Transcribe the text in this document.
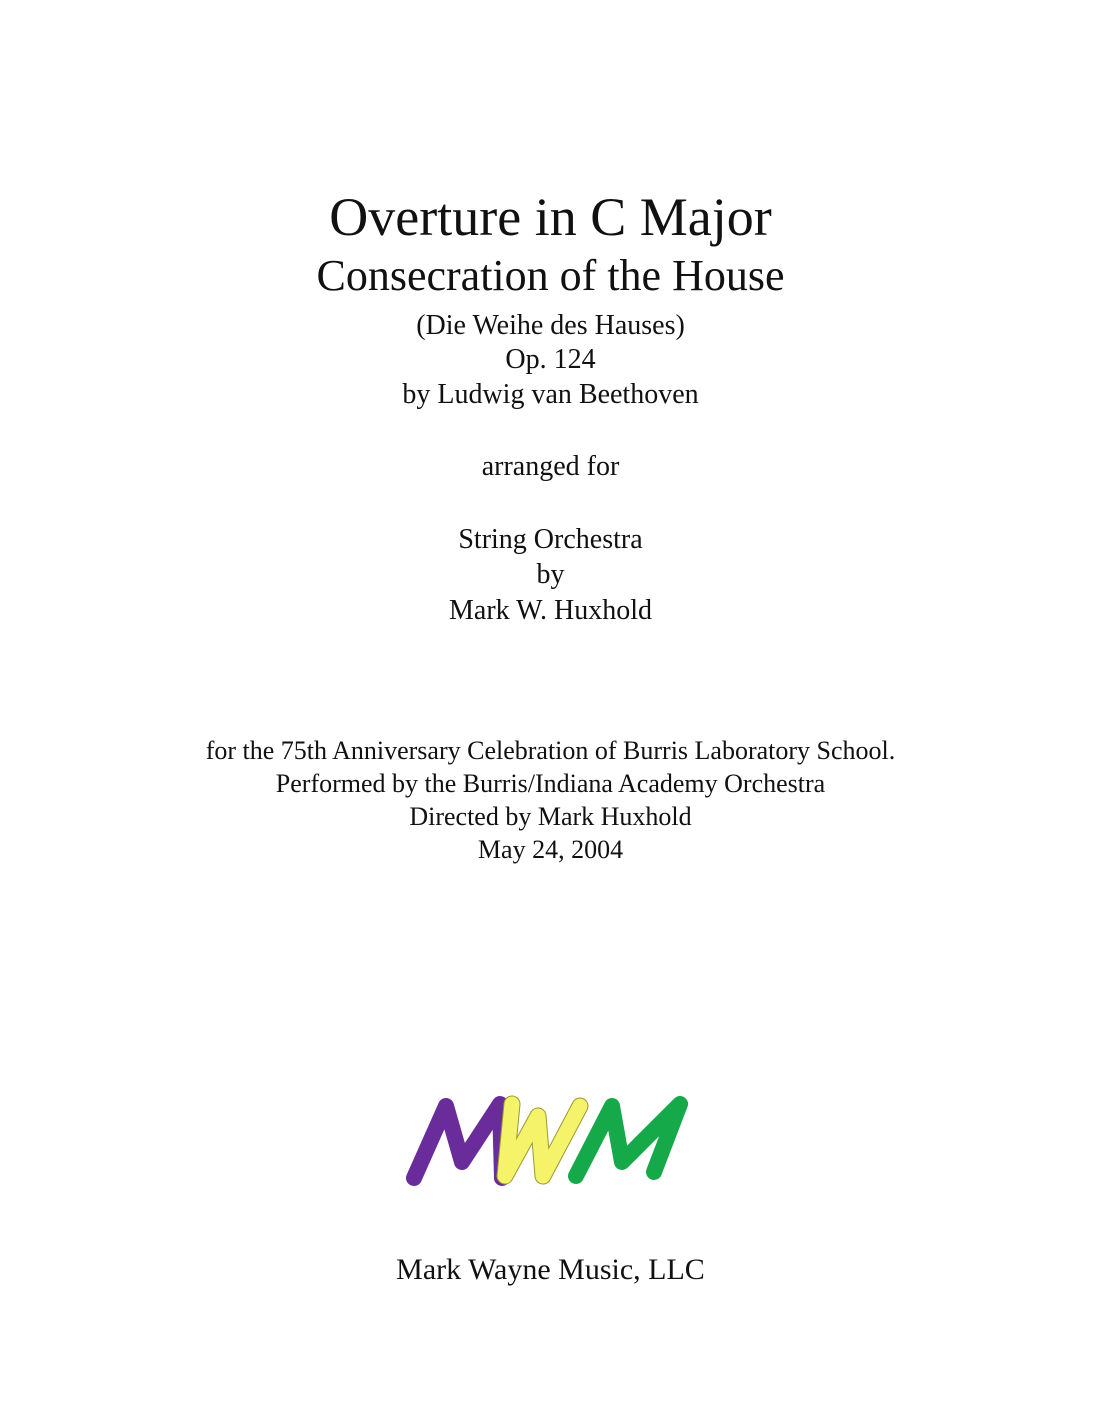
Overture in C Major
Consecration of the House
(Die Weihe des Hauses)
Op. 124
by Ludwig van Beethoven
arranged for
String Orchestra
by
Mark W. Huxhold
for the 75th Anniversary Celebration of Burris Laboratory School.
Performed by the Burris/Indiana Academy Orchestra
Directed by Mark Huxhold
May 24, 2004
Mark Wayne Music, LLC
